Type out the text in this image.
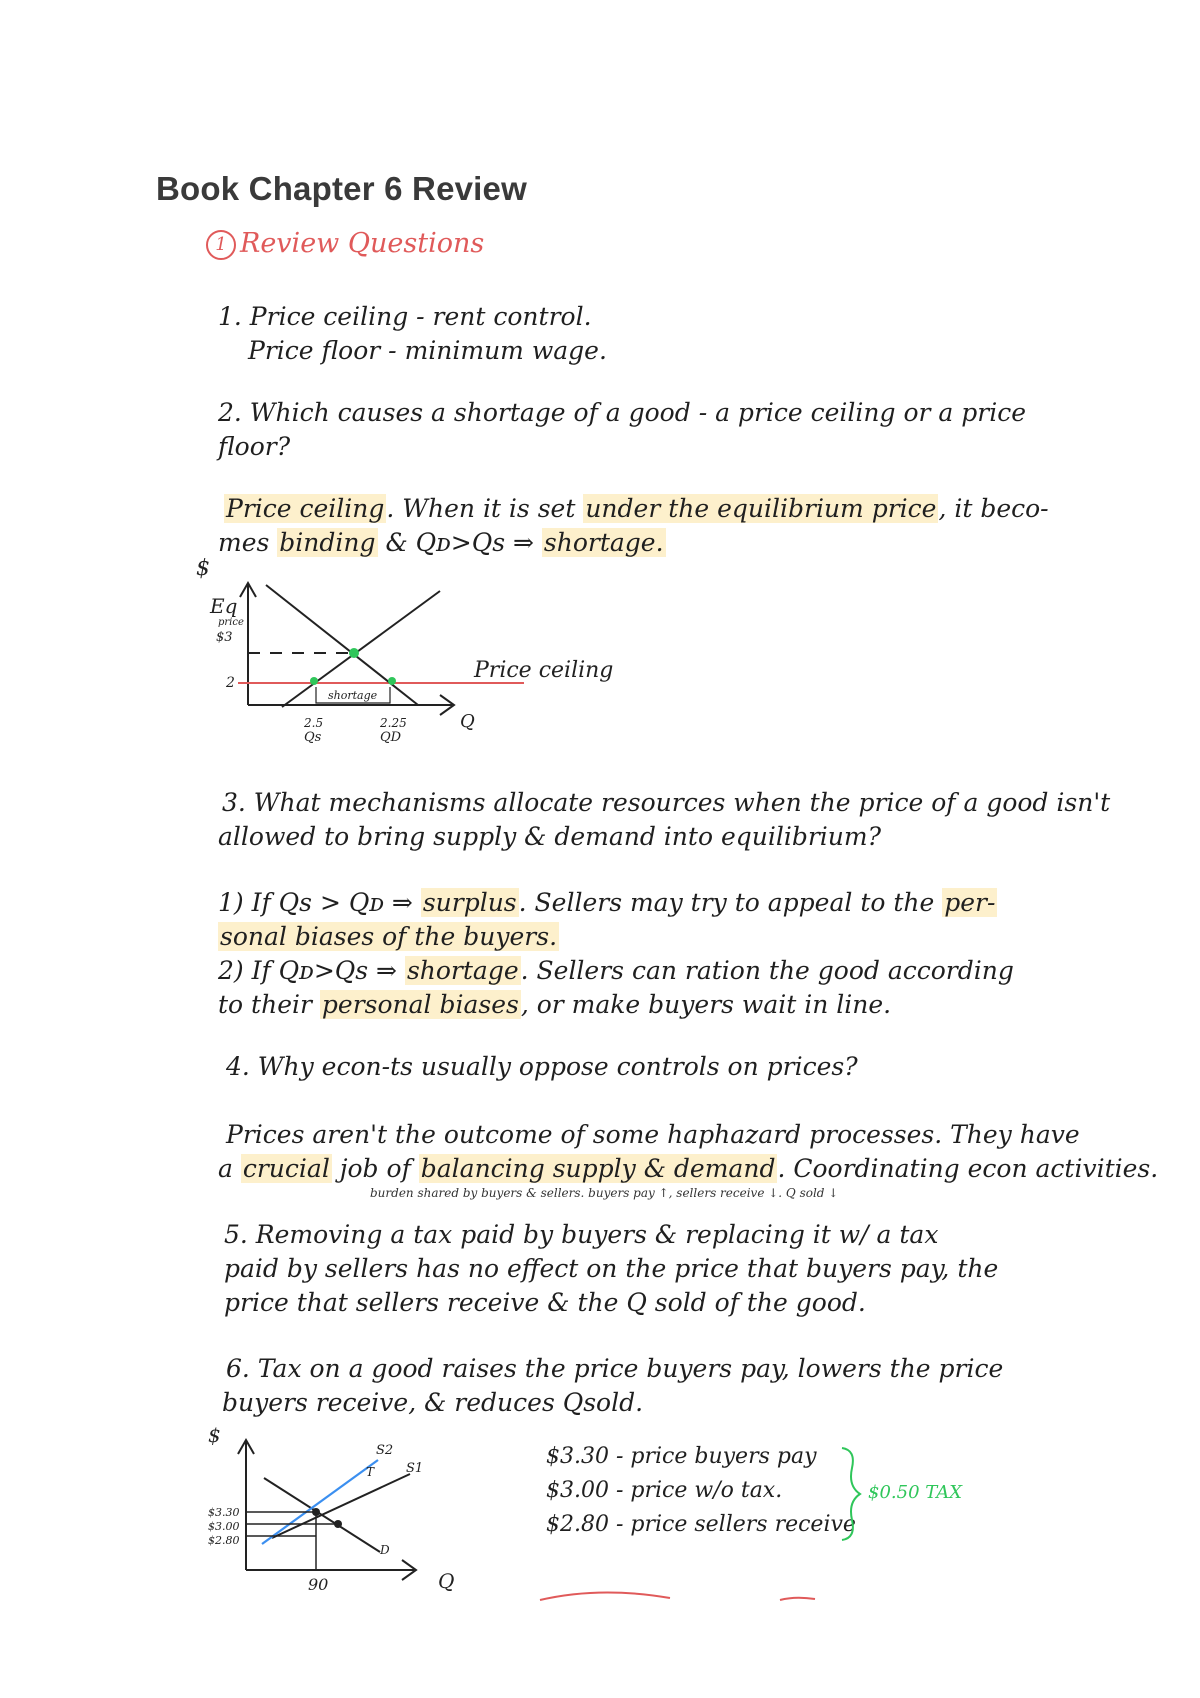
Book Chapter 6 Review
1 Review Questions
1. Price ceiling - rent control.
Price floor - minimum wage.
2. Which causes a shortage of a good - a price ceiling or a price
floor?
Price ceiling. When it is set under the equilibrium price, it beco-
mes binding & Qᴅ>Qs ⇒ shortage.
$
Eq
price
$3
2
shortage
2.5
Qs
2.25
QD
Q
Price ceiling
3. What mechanisms allocate resources when the price of a good isn't
allowed to bring supply & demand into equilibrium?
1) If Qs > Qᴅ ⇒ surplus. Sellers may try to appeal to the per-
sonal biases of the buyers.
2) If Qᴅ>Qs ⇒ shortage. Sellers can ration the good according
to their personal biases, or make buyers wait in line.
4. Why econ-ts usually oppose controls on prices?
Prices aren't the outcome of some haphazard processes. They have
a crucial job of balancing supply & demand. Coordinating econ activities.
burden shared by buyers & sellers. buyers pay ↑, sellers receive ↓. Q sold ↓
5. Removing a tax paid by buyers & replacing it w/ a tax
paid by sellers has no effect on the price that buyers pay, the
price that sellers receive & the Q sold of the good.
6. Tax on a good raises the price buyers pay, lowers the price
buyers receive, & reduces Qsold.
$
$3.30
$3.00
$2.80
90
S2
S1
T
D
Q
$3.30 - price buyers pay
$3.00 - price w/o tax.
$2.80 - price sellers receive
$0.50 TAX
